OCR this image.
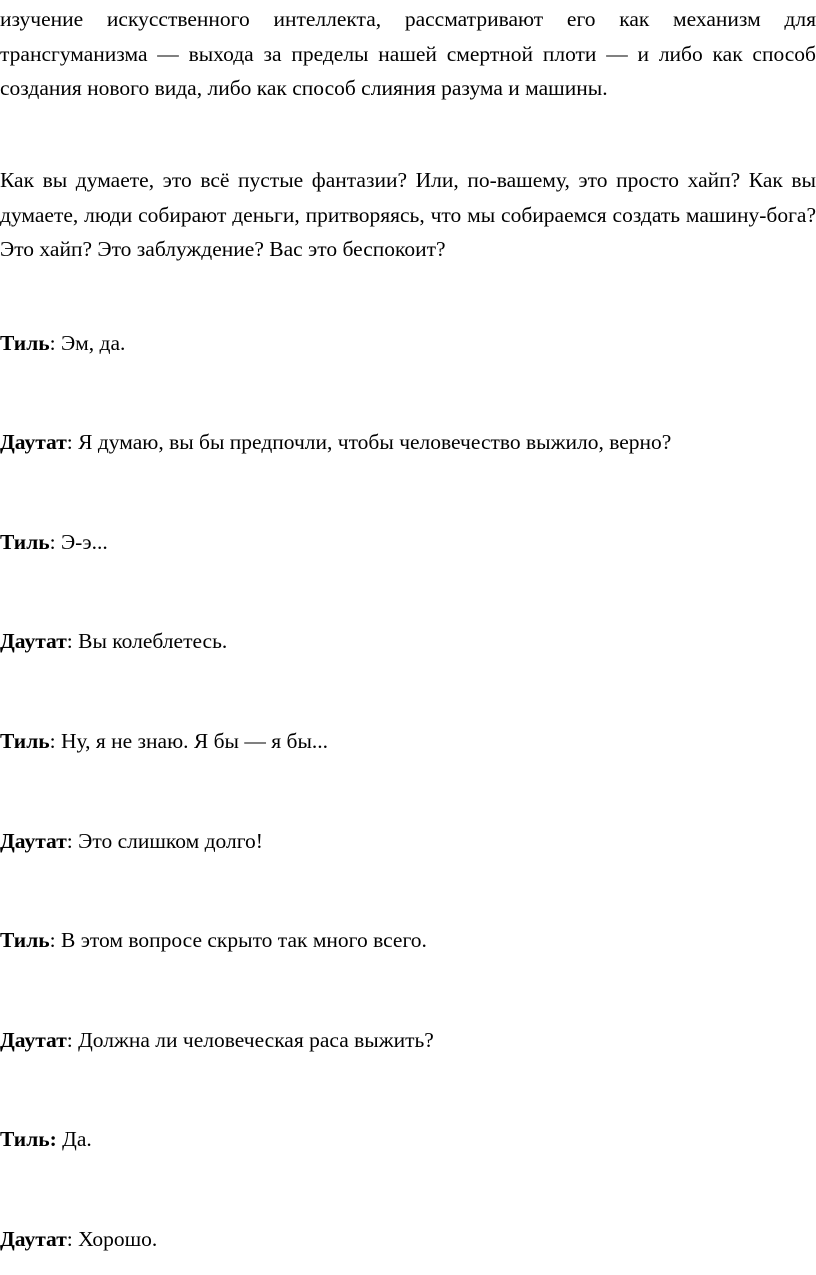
изучение искусственного интеллекта, рассматривают его как механизм для трансгуманизма — выхода за пределы нашей смертной плоти — и либо как способ создания нового вида, либо как способ слияния разума и машины.

Как вы думаете, это всё пустые фантазии? Или, по-вашему, это просто хайп? Как вы думаете, люди собирают деньги, притворяясь, что мы собираемся создать машину-бога? Это хайп? Это заблуждение? Вас это беспокоит?

Тиль: Эм, да.

Даутат: Я думаю, вы бы предпочли, чтобы человечество выжило, верно?

Тиль: Э-э...

Даутат: Вы колеблетесь.

Тиль: Ну, я не знаю. Я бы — я бы...

Даутат: Это слишком долго!

Тиль: В этом вопросе скрыто так много всего.

Даутат: Должна ли человеческая раса выжить?

Тиль: Да.

Даутат: Хорошо.
